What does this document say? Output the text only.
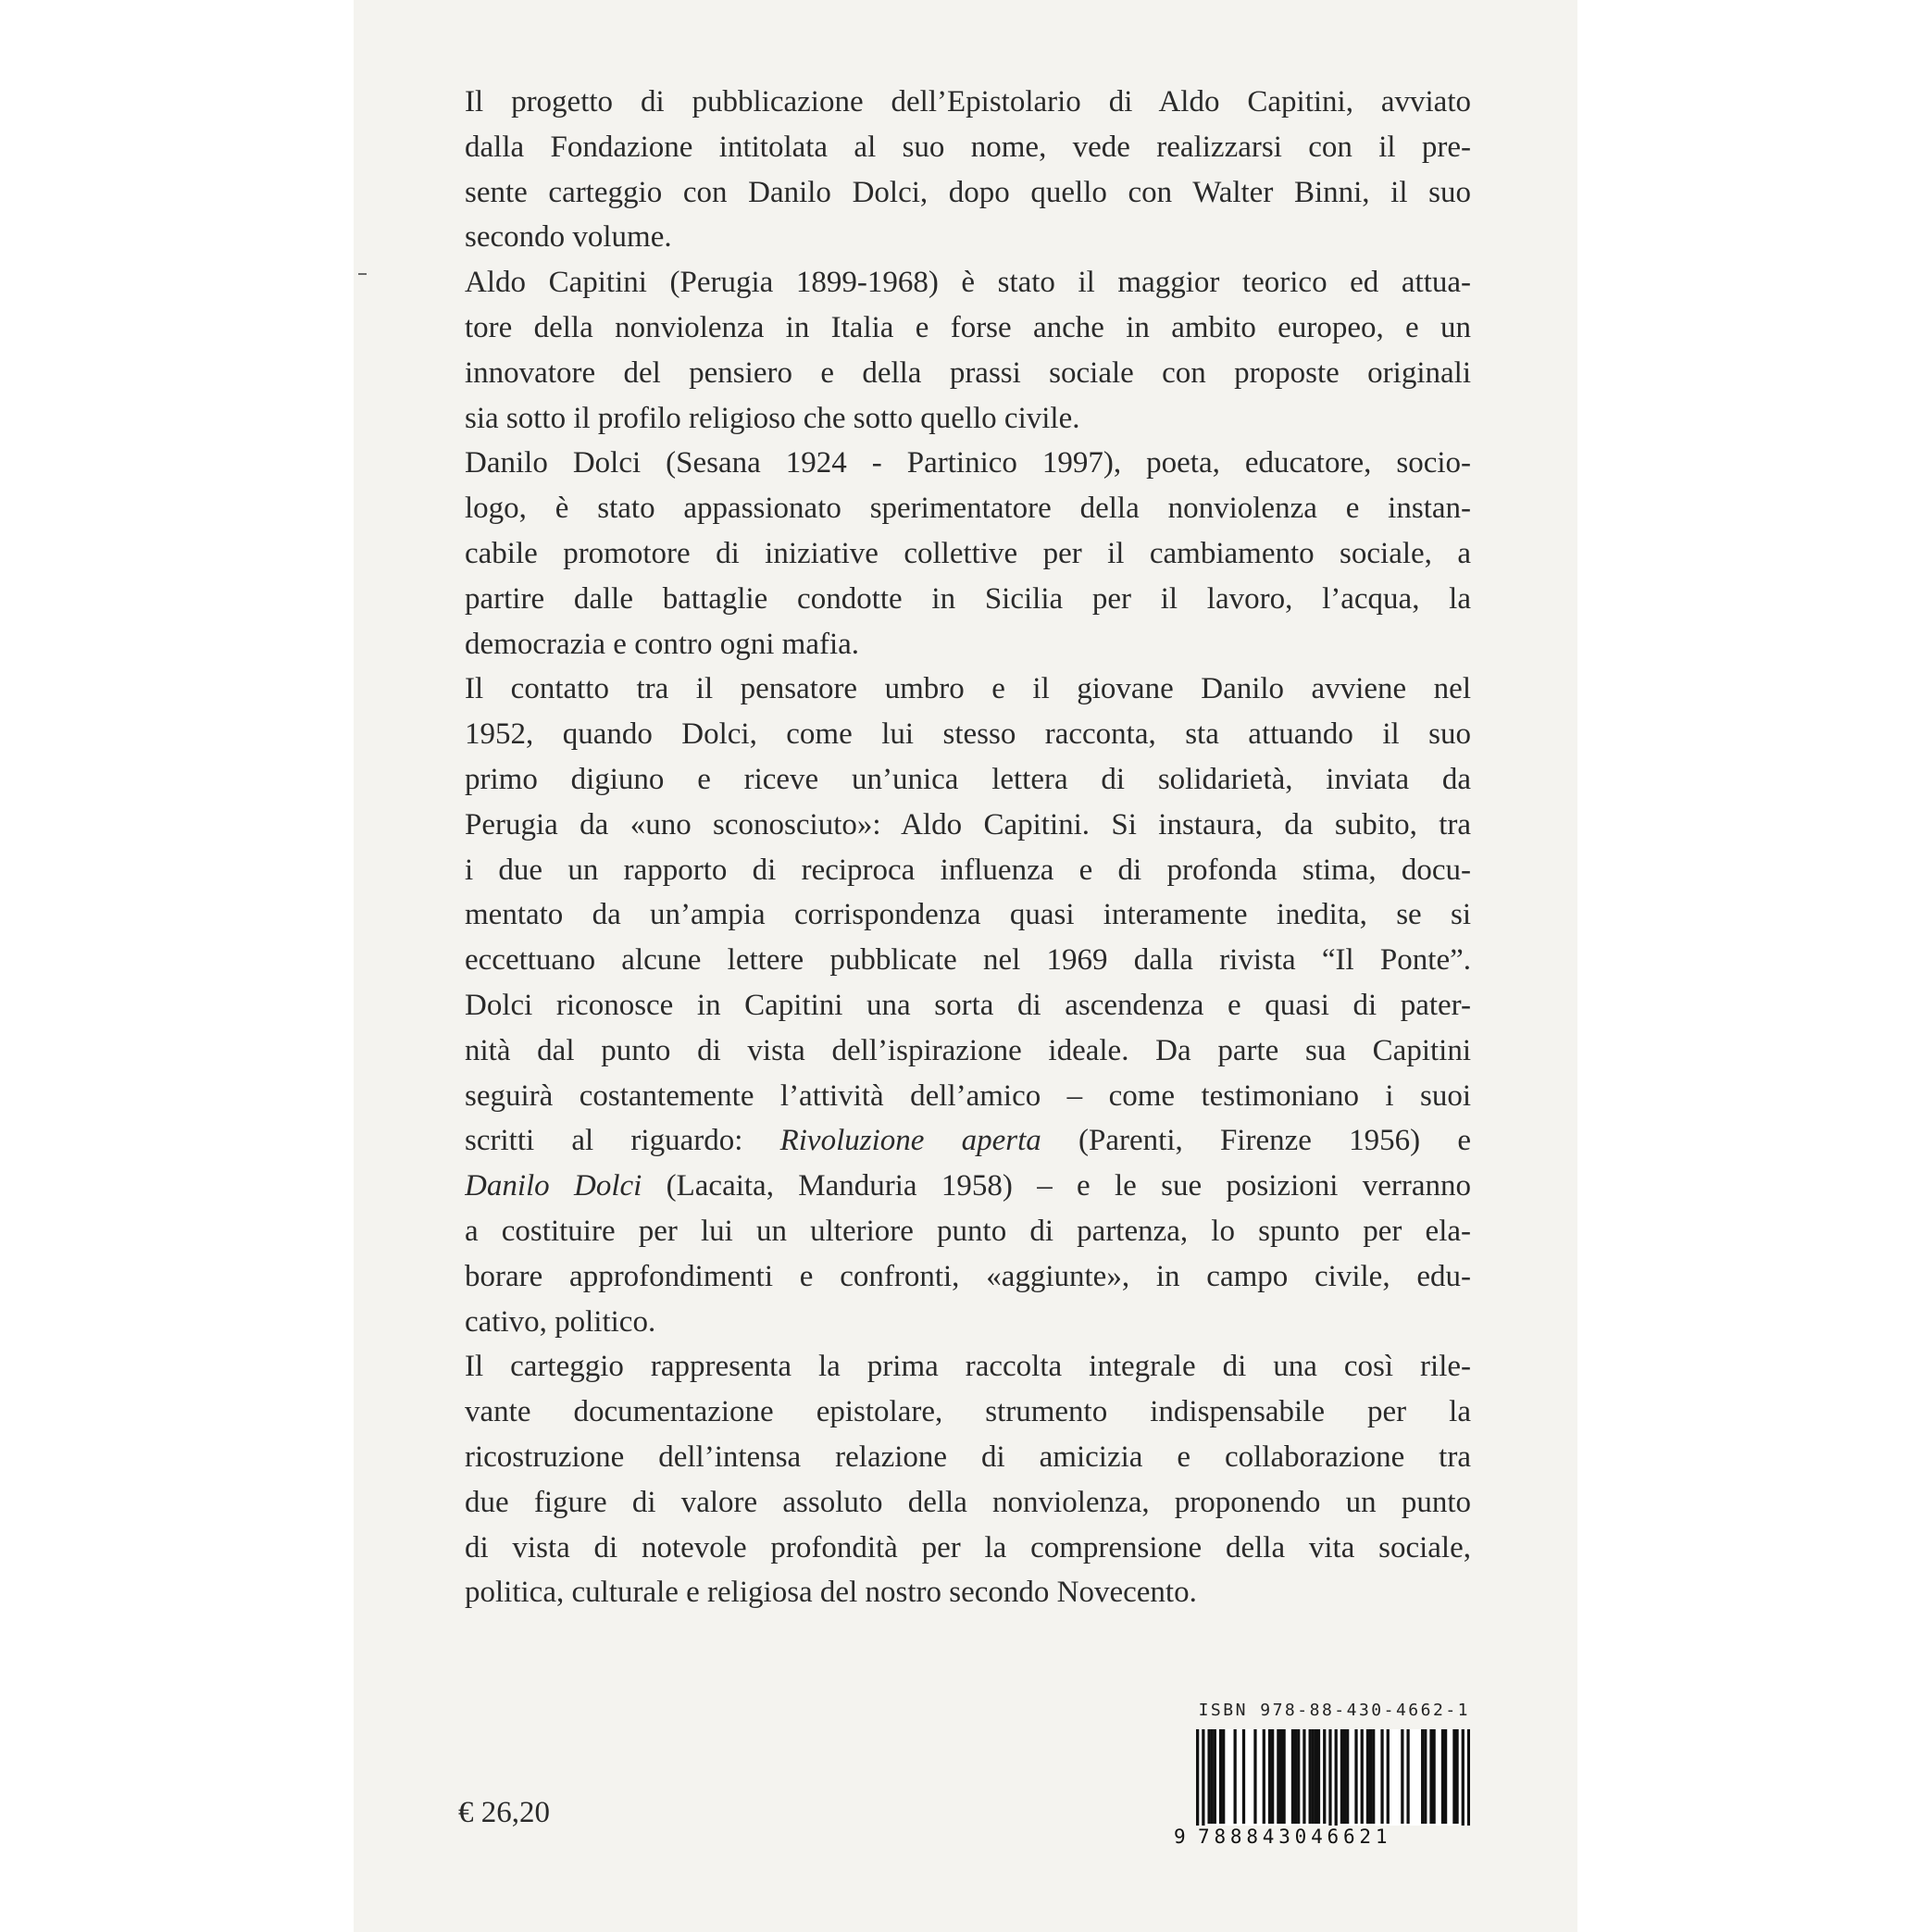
Il progetto di pubblicazione dell’Epistolario di Aldo Capitini, avviato
dalla Fondazione intitolata al suo nome, vede realizzarsi con il pre-
sente carteggio con Danilo Dolci, dopo quello con Walter Binni, il suo
secondo volume.
Aldo Capitini (Perugia 1899-1968) è stato il maggior teorico ed attua-
tore della nonviolenza in Italia e forse anche in ambito europeo, e un
innovatore del pensiero e della prassi sociale con proposte originali
sia sotto il profilo religioso che sotto quello civile.
Danilo Dolci (Sesana 1924 - Partinico 1997), poeta, educatore, socio-
logo, è stato appassionato sperimentatore della nonviolenza e instan-
cabile promotore di iniziative collettive per il cambiamento sociale, a
partire dalle battaglie condotte in Sicilia per il lavoro, l’acqua, la
democrazia e contro ogni mafia.
Il contatto tra il pensatore umbro e il giovane Danilo avviene nel
1952, quando Dolci, come lui stesso racconta, sta attuando il suo
primo digiuno e riceve un’unica lettera di solidarietà, inviata da
Perugia da «uno sconosciuto»: Aldo Capitini. Si instaura, da subito, tra
i due un rapporto di reciproca influenza e di profonda stima, docu-
mentato da un’ampia corrispondenza quasi interamente inedita, se si
eccettuano alcune lettere pubblicate nel 1969 dalla rivista “Il Ponte”.
Dolci riconosce in Capitini una sorta di ascendenza e quasi di pater-
nità dal punto di vista dell’ispirazione ideale. Da parte sua Capitini
seguirà costantemente l’attività dell’amico – come testimoniano i suoi
scritti al riguardo: Rivoluzione aperta (Parenti, Firenze 1956) e
Danilo Dolci (Lacaita, Manduria 1958) – e le sue posizioni verranno
a costituire per lui un ulteriore punto di partenza, lo spunto per ela-
borare approfondimenti e confronti, «aggiunte», in campo civile, edu-
cativo, politico.
Il carteggio rappresenta la prima raccolta integrale di una così rile-
vante documentazione epistolare, strumento indispensabile per la
ricostruzione dell’intensa relazione di amicizia e collaborazione tra
due figure di valore assoluto della nonviolenza, proponendo un punto
di vista di notevole profondità per la comprensione della vita sociale,
politica, culturale e religiosa del nostro secondo Novecento.
€ 26,20
ISBN 978-88-430-4662-1
9 788843046621
